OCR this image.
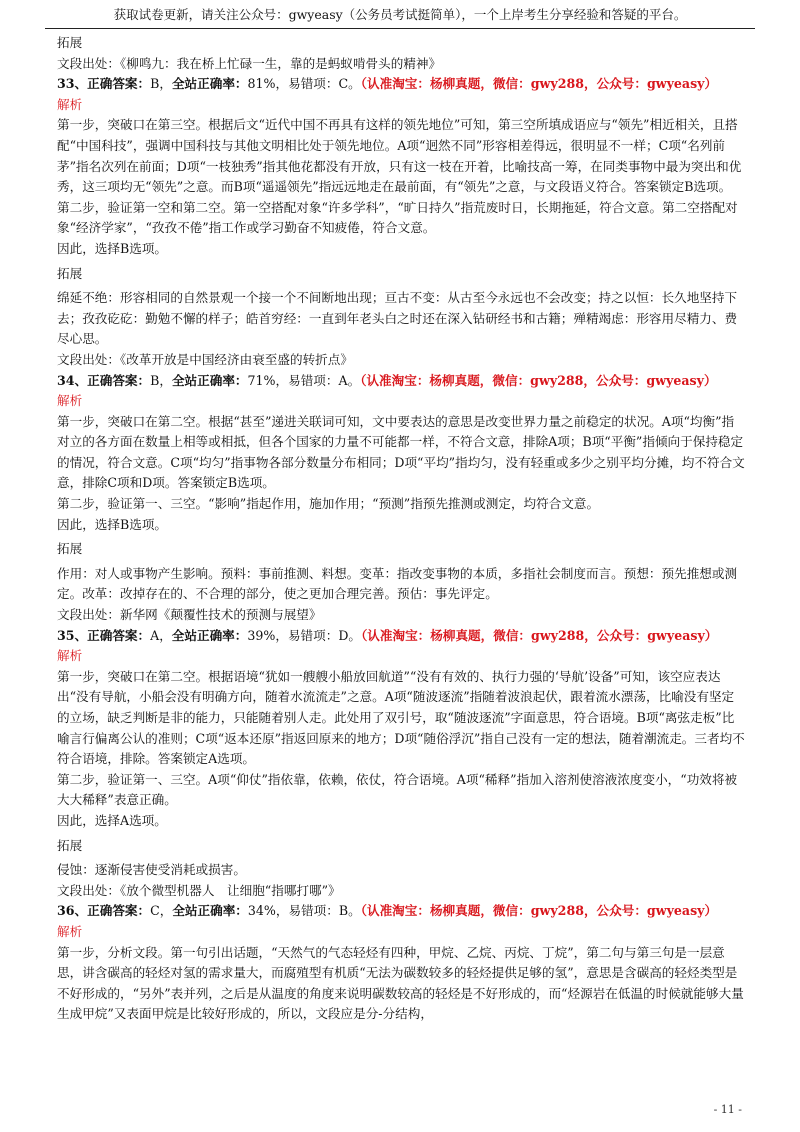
获取试卷更新，请关注公众号：gwyeasy（公务员考试挺简单），一个上岸考生分享经验和答疑的平台。

拓展

文段出处：《柳鸣九：我在桥上忙碌一生，靠的是蚂蚁啃骨头的精神》

33、正确答案：B，全站正确率：81%，易错项：C。（认准淘宝：杨柳真题，微信：gwy288，公众号：gwyeasy）

解析

第一步，突破口在第三空。根据后文“近代中国不再具有这样的领先地位”可知，第三空所填成语应与“领先”相近相关，且搭配“中国科技”，强调中国科技与其他文明相比处于领先地位。A项“迥然不同”形容相差得远，很明显不一样；C项“名列前茅”指名次列在前面；D项“一枝独秀”指其他花都没有开放，只有这一枝在开着，比喻技高一筹，在同类事物中最为突出和优秀，这三项均无“领先”之意。而B项“遥遥领先”指远远地走在最前面，有“领先”之意，与文段语义符合。答案锁定B选项。

第二步，验证第一空和第二空。第一空搭配对象“许多学科”，“旷日持久”指荒废时日，长期拖延，符合文意。第二空搭配对象“经济学家”，“孜孜不倦”指工作或学习勤奋不知疲倦，符合文意。

因此，选择B选项。

拓展

绵延不绝：形容相同的自然景观一个接一个不间断地出现；亘古不变：从古至今永远也不会改变；持之以恒：长久地坚持下去；孜孜矻矻：勤勉不懈的样子；皓首穷经：一直到年老头白之时还在深入钻研经书和古籍；殚精竭虑：形容用尽精力、费尽心思。

文段出处：《改革开放是中国经济由衰至盛的转折点》

34、正确答案：B，全站正确率：71%，易错项：A。（认准淘宝：杨柳真题，微信：gwy288，公众号：gwyeasy）

解析

第一步，突破口在第二空。根据“甚至”递进关联词可知，文中要表达的意思是改变世界力量之前稳定的状况。A项“均衡”指对立的各方面在数量上相等或相抵，但各个国家的力量不可能都一样，不符合文意，排除A项；B项“平衡”指倾向于保持稳定的情况，符合文意。C项“均匀”指事物各部分数量分布相同；D项“平均”指均匀，没有轻重或多少之别平均分摊，均不符合文意，排除C项和D项。答案锁定B选项。

第二步，验证第一、三空。“影响”指起作用，施加作用；“预测”指预先推测或测定，均符合文意。

因此，选择B选项。

拓展

作用：对人或事物产生影响。预料：事前推测、料想。变革：指改变事物的本质，多指社会制度而言。预想：预先推想或测定。改革：改掉存在的、不合理的部分，使之更加合理完善。预估：事先评定。

文段出处：新华网《颠覆性技术的预测与展望》

35、正确答案：A，全站正确率：39%，易错项：D。（认准淘宝：杨柳真题，微信：gwy288，公众号：gwyeasy）

解析

第一步，突破口在第二空。根据语境“犹如一艘艘小船放回航道”“没有有效的、执行力强的‘导航’设备”可知，该空应表达出“没有导航，小船会没有明确方向，随着水流流走”之意。A项“随波逐流”指随着波浪起伏，跟着流水漂荡，比喻没有坚定的立场，缺乏判断是非的能力，只能随着别人走。此处用了双引号，取“随波逐流”字面意思，符合语境。B项“离弦走板”比喻言行偏离公认的准则；C项“返本还原”指返回原来的地方；D项“随俗浮沉”指自己没有一定的想法，随着潮流走。三者均不符合语境，排除。答案锁定A选项。

第二步，验证第一、三空。A项“仰仗”指依靠，依赖，依仗，符合语境。A项“稀释”指加入溶剂使溶液浓度变小，“功效将被大大稀释”表意正确。

因此，选择A选项。

拓展

侵蚀：逐渐侵害使受消耗或损害。

文段出处：《放个微型机器人　让细胞“指哪打哪”》

36、正确答案：C，全站正确率：34%，易错项：B。（认准淘宝：杨柳真题，微信：gwy288，公众号：gwyeasy）

解析

第一步，分析文段。第一句引出话题，“天然气的气态轻烃有四种，甲烷、乙烷、丙烷、丁烷”，第二句与第三句是一层意思，讲含碳高的轻烃对氢的需求量大，而腐殖型有机质“无法为碳数较多的轻烃提供足够的氢”，意思是含碳高的轻烃类型是不好形成的，“另外”表并列，之后是从温度的角度来说明碳数较高的轻烃是不好形成的，而“烃源岩在低温的时候就能够大量生成甲烷”又表面甲烷是比较好形成的，所以，文段应是分-分结构，

- 11 -
